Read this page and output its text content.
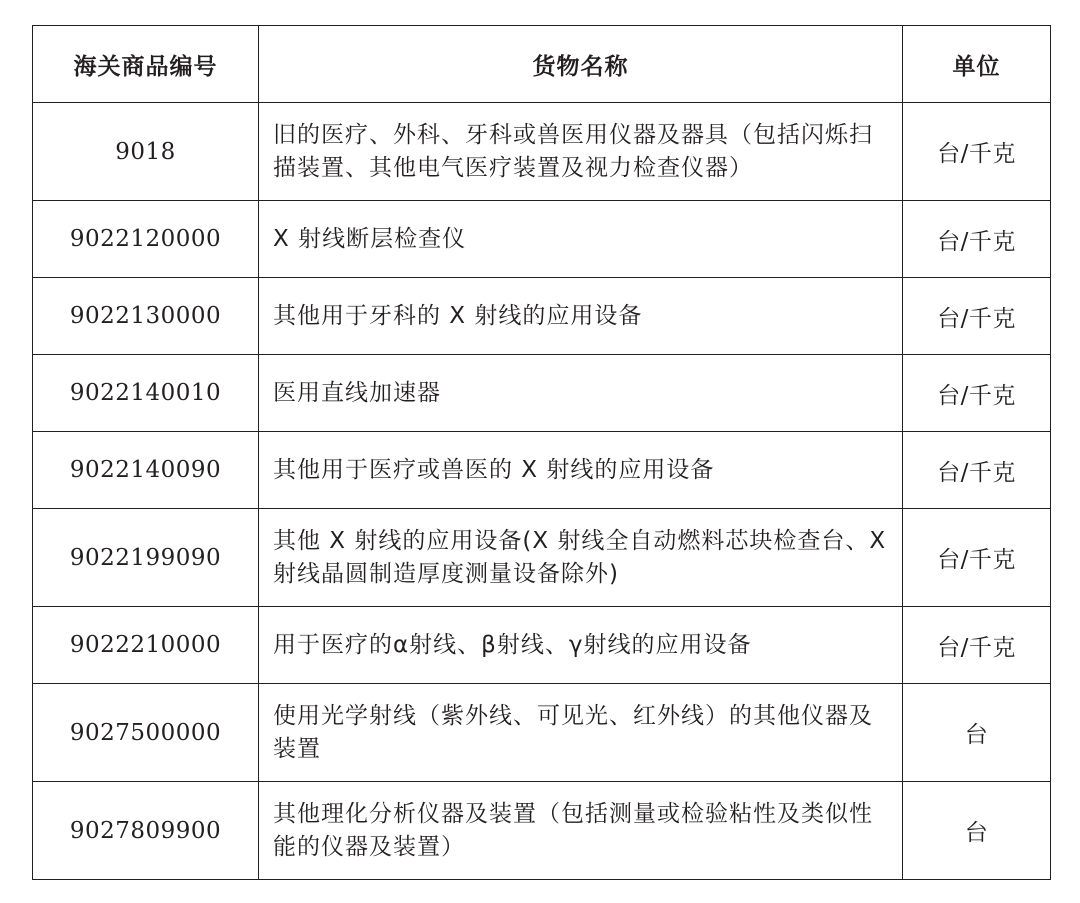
海关商品编号	货物名称	单位
9018	旧的医疗、外科、牙科或兽医用仪器及器具（包括闪烁扫描装置、其他电气医疗装置及视力检查仪器）	台/千克
9022120000	X 射线断层检查仪	台/千克
9022130000	其他用于牙科的 X 射线的应用设备	台/千克
9022140010	医用直线加速器	台/千克
9022140090	其他用于医疗或兽医的 X 射线的应用设备	台/千克
9022199090	其他 X 射线的应用设备(X 射线全自动燃料芯块检查台、X 射线晶圆制造厚度测量设备除外)	台/千克
9022210000	用于医疗的α射线、β射线、γ射线的应用设备	台/千克
9027500000	使用光学射线（紫外线、可见光、红外线）的其他仪器及装置	台
9027809900	其他理化分析仪器及装置（包括测量或检验粘性及类似性能的仪器及装置）	台
